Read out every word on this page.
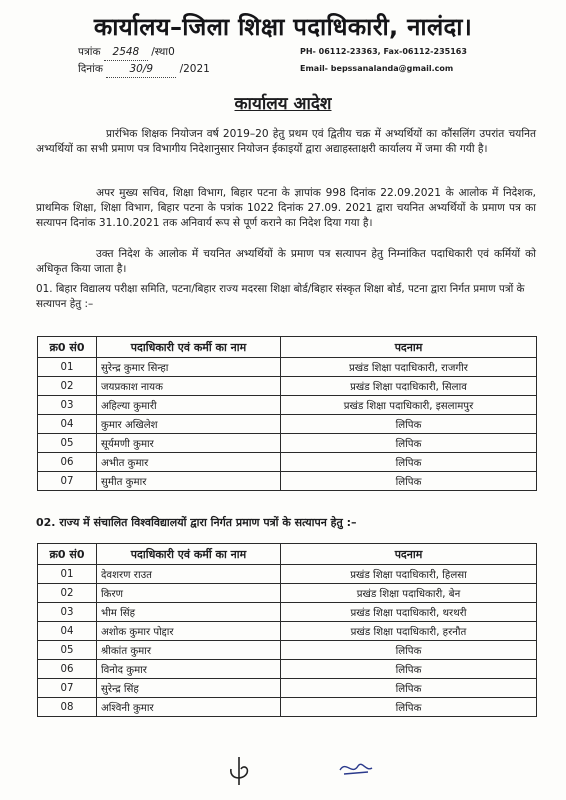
कार्यालय–जिला शिक्षा पदाधिकारी, नालंदा।
पत्रांक 2548 /स्था0
दिनांक	30/9	/2021
PH- 06112-23363, Fax-06112-235163
Email- bepssanalanda@gmail.com
कार्यालय आदेश
प्रारंभिक शिक्षक नियोजन वर्ष 2019–20 हेतु प्रथम एवं द्वितीय चक्र में अभ्यर्थियों का कौंसलिंग उपरांत चयनित अभ्यर्थियों का सभी प्रमाण पत्र विभागीय निदेशानुसार नियोजन ईकाइयों द्वारा अद्याहस्ताक्षरी कार्यालय में जमा की गयी है।
अपर मुख्य सचिव, शिक्षा विभाग, बिहार पटना के ज्ञापांक 998 दिनांक 22.09.2021 के आलोक में निदेशक, प्राथमिक शिक्षा, शिक्षा विभाग, बिहार पटना के पत्रांक 1022 दिनांक 27.09. 2021 द्वारा चयनित अभ्यर्थियों के प्रमाण पत्र का सत्यापन दिनांक 31.10.2021 तक अनिवार्य रूप से पूर्ण कराने का निदेश दिया गया है।
उक्त निदेश के आलोक में चयनित अभ्यर्थियों के प्रमाण पत्र सत्यापन हेतु निम्नांकित पदाधिकारी एवं कर्मियों को अधिकृत किया जाता है।
01. बिहार विद्यालय परीक्षा समिति, पटना/बिहार राज्य मदरसा शिक्षा बोर्ड/बिहार संस्कृत शिक्षा बोर्ड, पटना द्वारा निर्गत प्रमाण पत्रों के सत्यापन हेतु :–
क्र0 सं0	पदाधिकारी एवं कर्मी का नाम	पदनाम
01	सुरेन्द्र कुमार सिन्हा	प्रखंड शिक्षा पदाधिकारी, राजगीर
02	जयप्रकाश नायक	प्रखंड शिक्षा पदाधिकारी, सिलाव
03	अहिल्या कुमारी	प्रखंड शिक्षा पदाधिकारी, इसलामपुर
04	कुमार अखिलेश	लिपिक
05	सूर्यमणी कुमार	लिपिक
06	अभीत कुमार	लिपिक
07	सुमीत कुमार	लिपिक
02. राज्य में संचालित विश्वविद्यालयों द्वारा निर्गत प्रमाण पत्रों के सत्यापन हेतु :–
क्र0 सं0	पदाधिकारी एवं कर्मी का नाम	पदनाम
01	देवशरण राउत	प्रखंड शिक्षा पदाधिकारी, हिलसा
02	किरण	प्रखंड शिक्षा पदाधिकारी, बेन
03	भीम सिंह	प्रखंड शिक्षा पदाधिकारी, थरथरी
04	अशोक कुमार पोद्दार	प्रखंड शिक्षा पदाधिकारी, हरनौत
05	श्रीकांत कुमार	लिपिक
06	विनोद कुमार	लिपिक
07	सुरेन्द्र सिंह	लिपिक
08	अश्विनी कुमार	लिपिक
